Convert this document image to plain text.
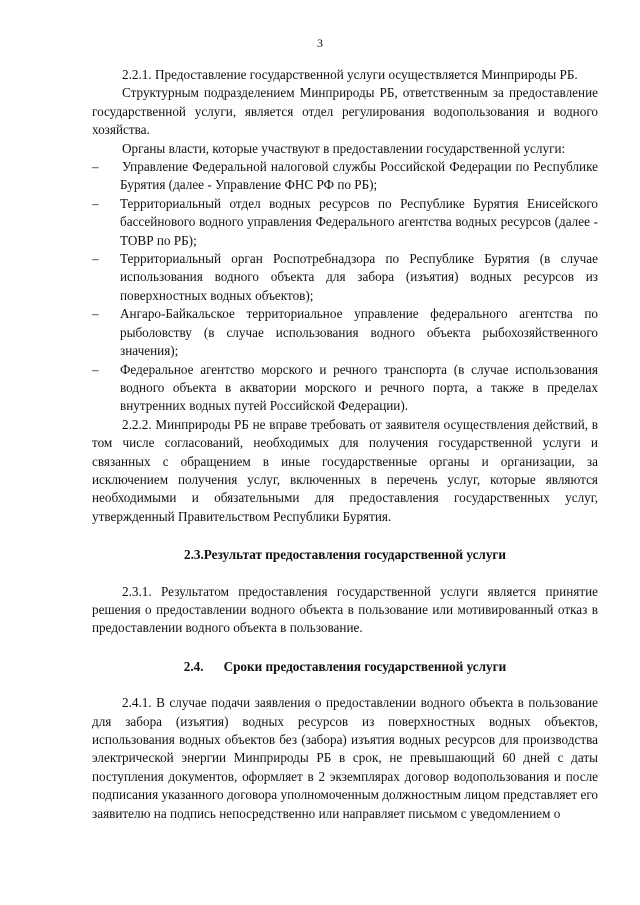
3

2.2.1. Предоставление государственной услуги осуществляется Минприроды РБ.

Структурным подразделением Минприроды РБ, ответственным за предоставление государственной услуги, является отдел регулирования водопользования и водного хозяйства.

Органы власти, которые участвуют в предоставлении государственной услуги:

– Управление Федеральной налоговой службы Российской Федерации по Республике Бурятия (далее - Управление ФНС РФ по РБ);

– Территориальный отдел водных ресурсов по Республике Бурятия Енисейского бассейнового водного управления Федерального агентства водных ресурсов (далее - ТОВР по РБ);

– Территориальный орган Роспотребнадзора по Республике Бурятия (в случае использования водного объекта для забора (изъятия) водных ресурсов из поверхностных водных объектов);

– Ангаро-Байкальское территориальное управление федерального агентства по рыболовству (в случае использования водного объекта рыбохозяйственного значения);

– Федеральное агентство морского и речного транспорта (в случае использования водного объекта в акватории морского и речного порта, а также в пределах внутренних водных путей Российской Федерации).

2.2.2. Минприроды РБ не вправе требовать от заявителя осуществления действий, в том числе согласований, необходимых для получения государственной услуги и связанных с обращением в иные государственные органы и организации, за исключением получения услуг, включенных в перечень услуг, которые являются необходимыми и обязательными для предоставления государственных услуг, утвержденный Правительством Республики Бурятия.

2.3.Результат предоставления государственной услуги

2.3.1. Результатом предоставления государственной услуги является принятие решения о предоставлении водного объекта в пользование или мотивированный отказ в предоставлении водного объекта в пользование.

2.4. Сроки предоставления государственной услуги

2.4.1. В случае подачи заявления о предоставлении водного объекта в пользование для забора (изъятия) водных ресурсов из поверхностных водных объектов, использования водных объектов без (забора) изъятия водных ресурсов для производства электрической энергии Минприроды РБ в срок, не превышающий 60 дней с даты поступления документов, оформляет в 2 экземплярах договор водопользования и после подписания указанного договора уполномоченным должностным лицом представляет его заявителю на подпись непосредственно или направляет письмом с уведомлением о
